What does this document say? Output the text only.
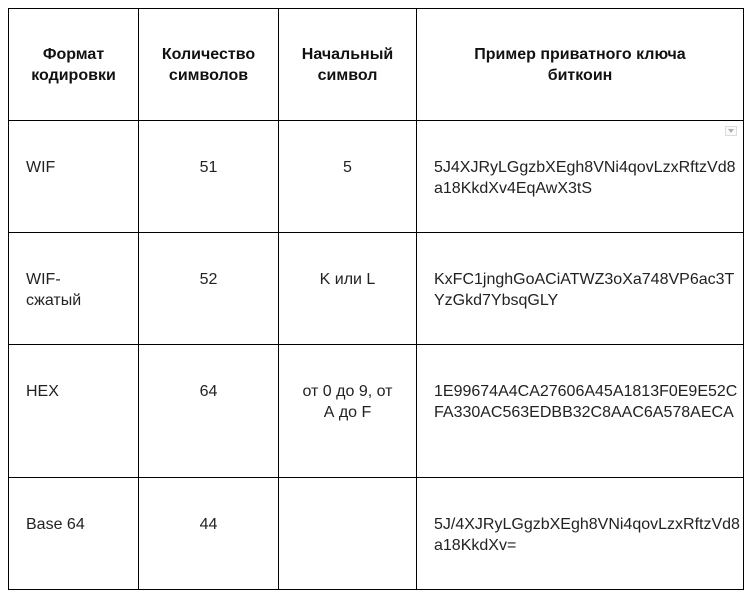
Формат кодировки	Количество символов	Начальный символ	Пример приватного ключа биткоин
WIF	51	5	5J4XJRyLGgzbXEgh8VNi4qovLzxRftzVd8a18KkdXv4EqAwX3tS
WIF-сжатый	52	K или L	KxFC1jnghGoACiATWZ3oXa748VP6ac3TYzGkd7YbsqGLY
HEX	64	от 0 до 9, от А до F	1E99674A4CA27606A45A1813F0E9E52CFA330AC563EDBB32C8AAC6A578AECA
Base 64	44		5J/4XJRyLGgzbXEgh8VNi4qovLzxRftzVd8a18KkdXv=
